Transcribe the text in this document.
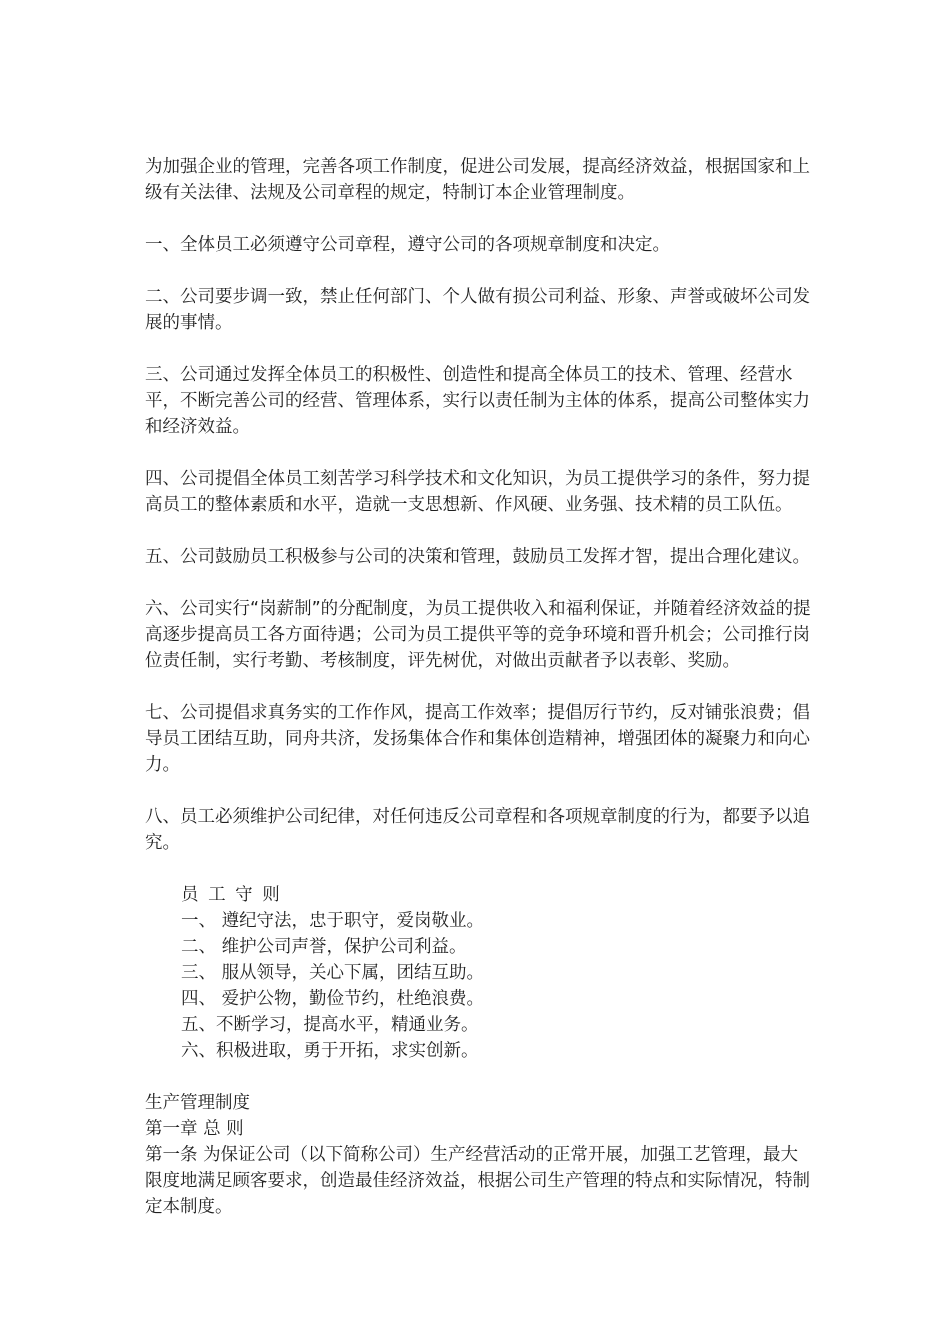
为加强企业的管理，完善各项工作制度，促进公司发展，提高经济效益，根据国家和上级有关法律、法规及公司章程的规定，特制订本企业管理制度。

一、全体员工必须遵守公司章程，遵守公司的各项规章制度和决定。

二、公司要步调一致，禁止任何部门、个人做有损公司利益、形象、声誉或破坏公司发展的事情。

三、公司通过发挥全体员工的积极性、创造性和提高全体员工的技术、管理、经营水平，不断完善公司的经营、管理体系，实行以责任制为主体的体系，提高公司整体实力和经济效益。

四、公司提倡全体员工刻苦学习科学技术和文化知识，为员工提供学习的条件，努力提高员工的整体素质和水平，造就一支思想新、作风硬、业务强、技术精的员工队伍。

五、公司鼓励员工积极参与公司的决策和管理，鼓励员工发挥才智，提出合理化建议。

六、公司实行“岗薪制”的分配制度，为员工提供收入和福利保证，并随着经济效益的提高逐步提高员工各方面待遇；公司为员工提供平等的竞争环境和晋升机会；公司推行岗位责任制，实行考勤、考核制度，评先树优，对做出贡献者予以表彰、奖励。

七、公司提倡求真务实的工作作风，提高工作效率；提倡厉行节约，反对铺张浪费；倡导员工团结互助，同舟共济，发扬集体合作和集体创造精神，增强团体的凝聚力和向心力。

八、员工必须维护公司纪律，对任何违反公司章程和各项规章制度的行为，都要予以追究。

员 工 守 则

一、 遵纪守法，忠于职守，爱岗敬业。

二、 维护公司声誉，保护公司利益。

三、 服从领导，关心下属，团结互助。

四、 爱护公物，勤俭节约，杜绝浪费。

五、不断学习，提高水平，精通业务。

六、积极进取，勇于开拓，求实创新。

生产管理制度

第一章 总 则

第一条 为保证公司（以下简称公司）生产经营活动的正常开展，加强工艺管理，最大限度地满足顾客要求，创造最佳经济效益，根据公司生产管理的特点和实际情况，特制定本制度。
